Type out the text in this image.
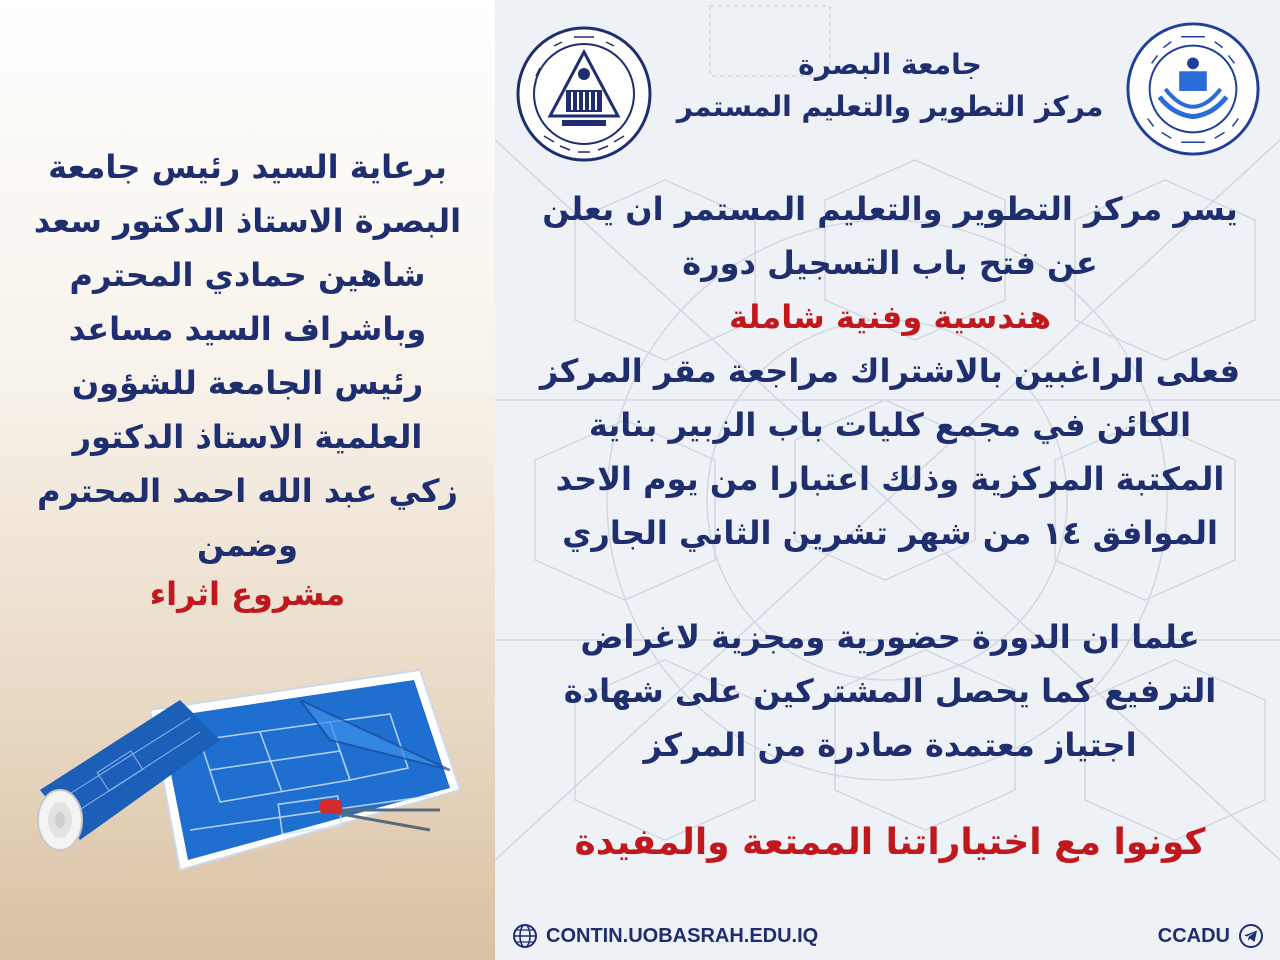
برعاية السيد رئيس جامعة
البصرة الاستاذ الدكتور سعد
شاهين حمادي المحترم
وباشراف السيد مساعد
رئيس الجامعة للشؤون
العلمية الاستاذ الدكتور
زكي عبد الله احمد المحترم
وضمن
مشروع اثراء
جامعة البصرة
مركز التطوير والتعليم المستمر
يسر مركز التطوير والتعليم المستمر ان يعلن
عن فتح باب التسجيل دورة
هندسية وفنية شاملة
فعلى الراغبين بالاشتراك مراجعة مقر المركز
الكائن في مجمع كليات باب الزبير بناية
المكتبة المركزية وذلك اعتبارا من يوم الاحد
الموافق ١٤ من شهر تشرين الثاني الجاري
علما ان الدورة حضورية ومجزية لاغراض
الترفيع كما يحصل المشتركين على شهادة
اجتياز معتمدة صادرة من المركز
كونوا مع اختياراتنا الممتعة والمفيدة
CONTIN.UOBASRAH.EDU.IQ	CCADU
